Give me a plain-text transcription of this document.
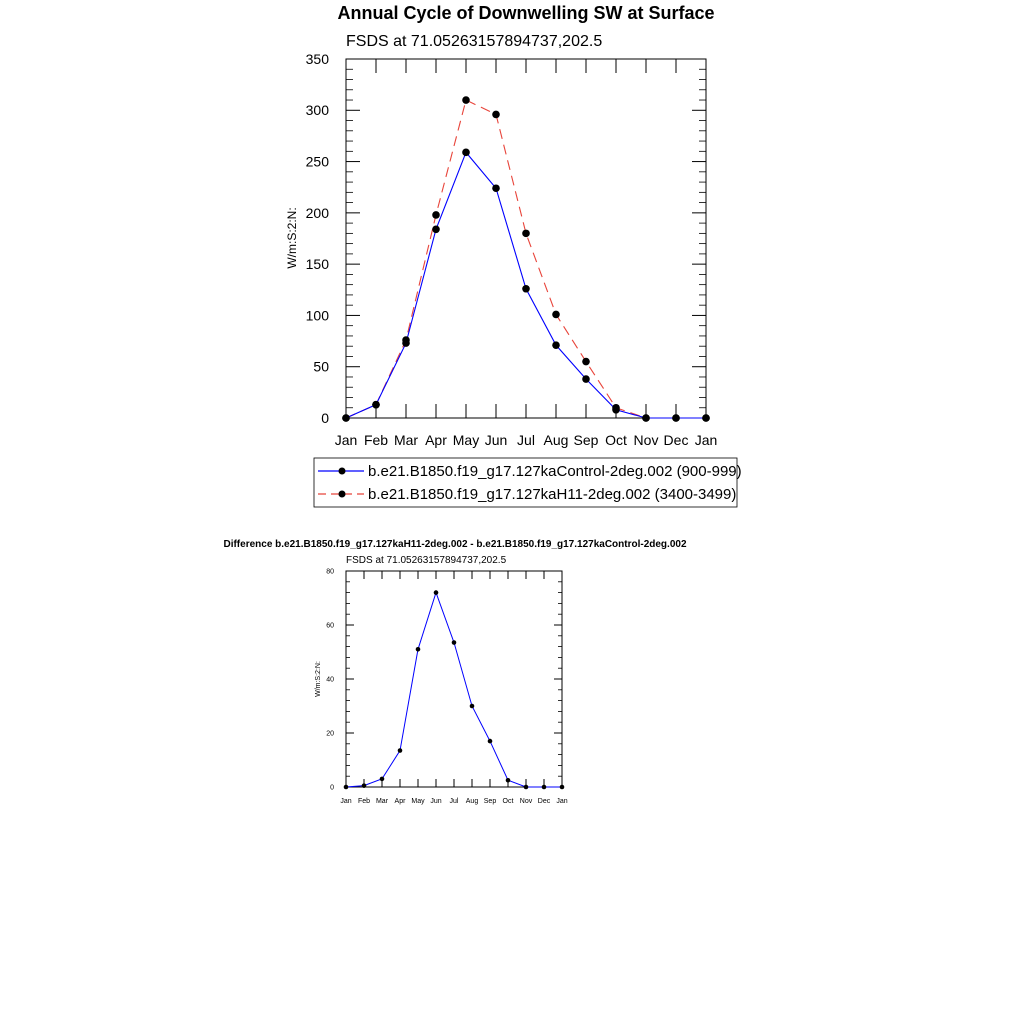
Annual Cycle of Downwelling SW at Surface
FSDS at 71.05263157894737,202.5
W/m:S:2:N:
Jan Feb Mar Apr May Jun Jul Aug Sep Oct Nov Dec Jan
0
50
100
150
200
250
300
350
b.e21.B1850.f19_g17.127kaControl-2deg.002 (900-999)
b.e21.B1850.f19_g17.127kaH11-2deg.002 (3400-3499)
Difference b.e21.B1850.f19_g17.127kaH11-2deg.002 - b.e21.B1850.f19_g17.127kaControl-2deg.002
FSDS at 71.05263157894737,202.5
W/m:S:2:N:
Jan Feb Mar Apr May Jun Jul Aug Sep Oct Nov Dec Jan
0
20
40
60
80
